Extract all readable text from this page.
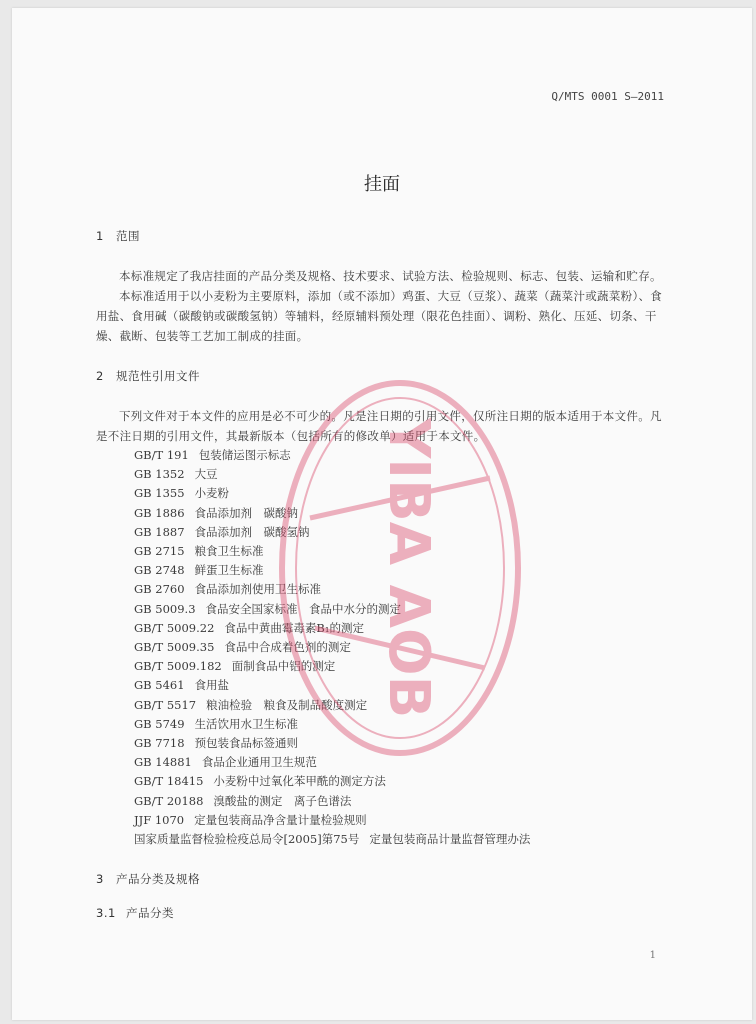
Q/MTS 0001 S—2011
挂面

1 范围

本标准规定了我店挂面的产品分类及规格、技术要求、试验方法、检验规则、标志、包装、运输和贮存。

本标准适用于以小麦粉为主要原料，添加（或不添加）鸡蛋、大豆（豆浆）、蔬菜（蔬菜汁或蔬菜粉）、食用盐、食用碱（碳酸钠或碳酸氢钠）等辅料，经原辅料预处理（限花色挂面）、调粉、熟化、压延、切条、干燥、截断、包装等工艺加工制成的挂面。

2 规范性引用文件

下列文件对于本文件的应用是必不可少的。凡是注日期的引用文件，仅所注日期的版本适用于本文件。凡是不注日期的引用文件，其最新版本（包括所有的修改单）适用于本文件。

GB/T 191 包装储运图示标志
GB 1352 大豆
GB 1355 小麦粉
GB 1886 食品添加剂　碳酸钠
GB 1887 食品添加剂　碳酸氢钠
GB 2715 粮食卫生标准
GB 2748 鲜蛋卫生标准
GB 2760 食品添加剂使用卫生标准
GB 5009.3 食品安全国家标准　食品中水分的测定
GB/T 5009.22 食品中黄曲霉毒素B₁的测定
GB/T 5009.35 食品中合成着色剂的测定
GB/T 5009.182 面制食品中铝的测定
GB 5461 食用盐
GB/T 5517 粮油检验　粮食及制品酸度测定
GB 5749 生活饮用水卫生标准
GB 7718 预包装食品标签通则
GB 14881 食品企业通用卫生规范
GB/T 18415 小麦粉中过氧化苯甲酰的测定方法
GB/T 20188 溴酸盐的测定　离子色谱法
JJF 1070 定量包装商品净含量计量检验规则
国家质量监督检验检疫总局令[2005]第75号 定量包装商品计量监督管理办法

3 产品分类及规格

3.1 产品分类

YIBA AOB
1
